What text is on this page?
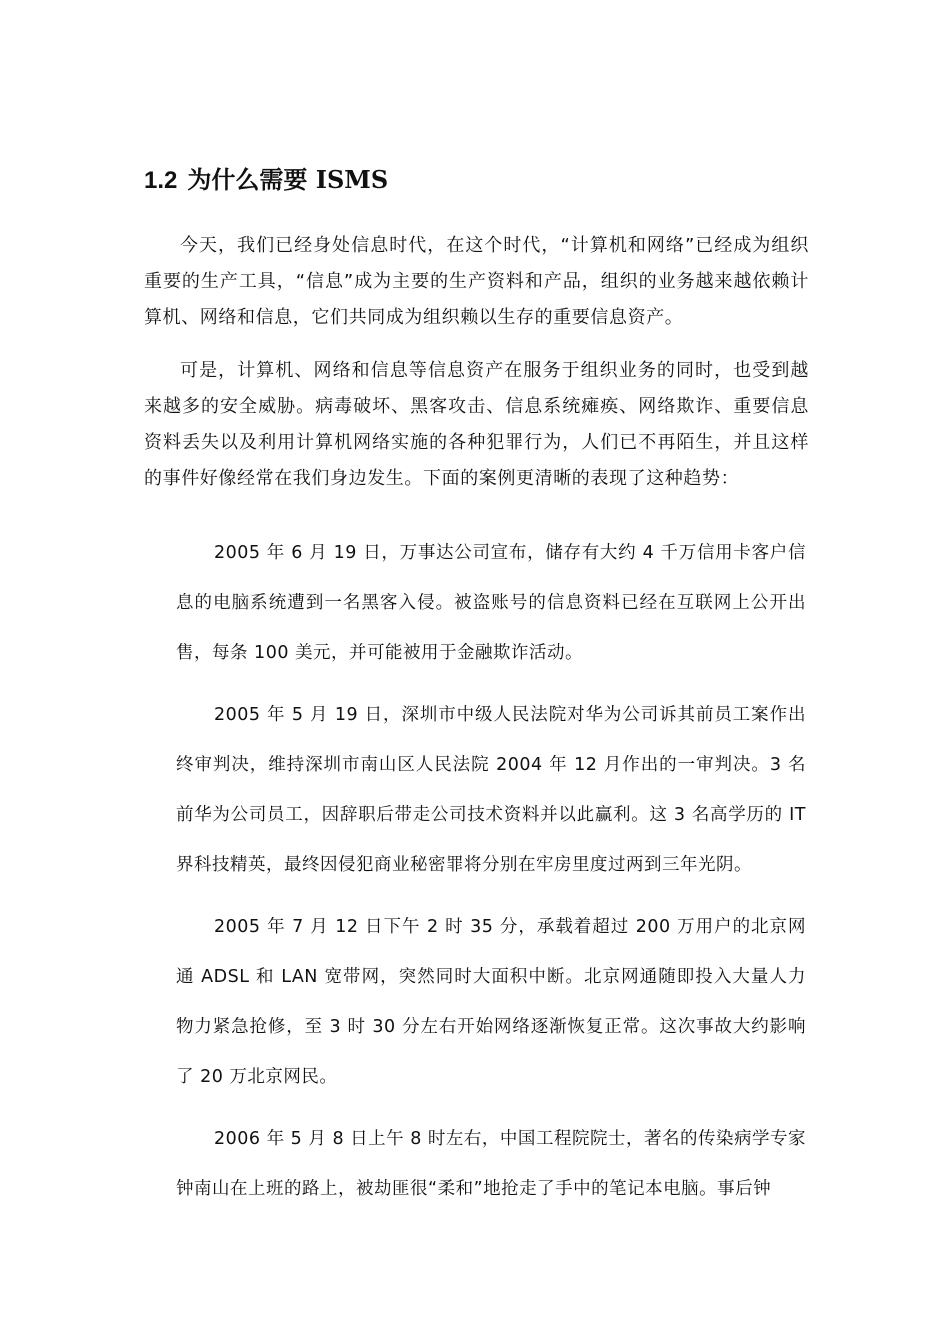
1.2 为什么需要 ISMS

今天，我们已经身处信息时代，在这个时代，“计算机和网络”已经成为组织重要的生产工具，“信息”成为主要的生产资料和产品，组织的业务越来越依赖计算机、网络和信息，它们共同成为组织赖以生存的重要信息资产。

可是，计算机、网络和信息等信息资产在服务于组织业务的同时，也受到越来越多的安全威胁。病毒破坏、黑客攻击、信息系统瘫痪、网络欺诈、重要信息资料丢失以及利用计算机网络实施的各种犯罪行为，人们已不再陌生，并且这样的事件好像经常在我们身边发生。下面的案例更清晰的表现了这种趋势：

2005 年 6 月 19 日，万事达公司宣布，储存有大约 4 千万信用卡客户信息的电脑系统遭到一名黑客入侵。被盗账号的信息资料已经在互联网上公开出售，每条 100 美元，并可能被用于金融欺诈活动。

2005 年 5 月 19 日，深圳市中级人民法院对华为公司诉其前员工案作出终审判决，维持深圳市南山区人民法院 2004 年 12 月作出的一审判决。3 名前华为公司员工，因辞职后带走公司技术资料并以此赢利。这 3 名高学历的 IT 界科技精英，最终因侵犯商业秘密罪将分别在牢房里度过两到三年光阴。

2005 年 7 月 12 日下午 2 时 35 分，承载着超过 200 万用户的北京网通 ADSL 和 LAN 宽带网，突然同时大面积中断。北京网通随即投入大量人力物力紧急抢修，至 3 时 30 分左右开始网络逐渐恢复正常。这次事故大约影响了 20 万北京网民。

2006 年 5 月 8 日上午 8 时左右，中国工程院院士，著名的传染病学专家钟南山在上班的路上，被劫匪很“柔和”地抢走了手中的笔记本电脑。事后钟
